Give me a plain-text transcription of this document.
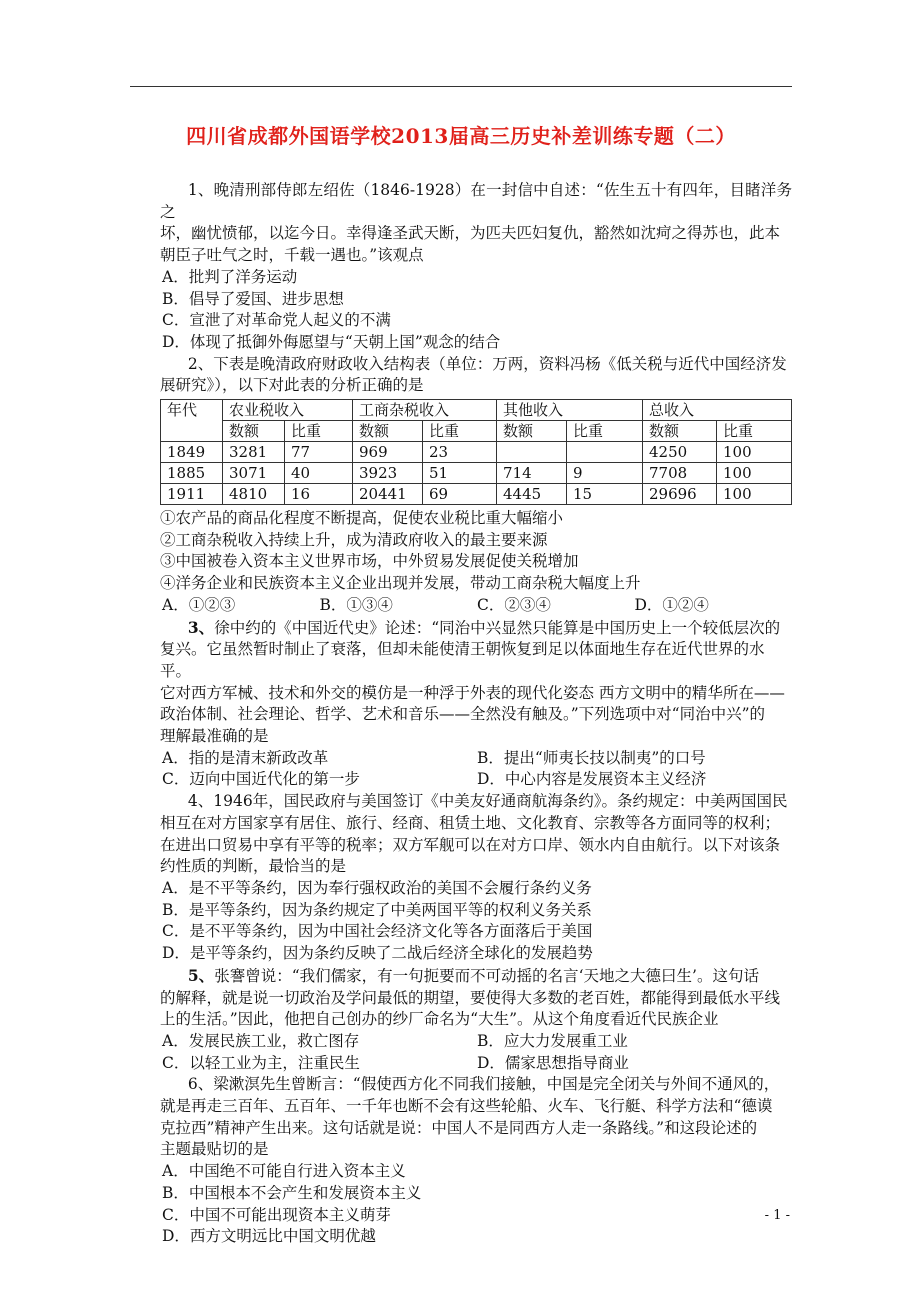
四川省成都外国语学校2013届高三历史补差训练专题（二）

1、晚清刑部侍郎左绍佐（1846-1928）在一封信中自述：“佐生五十有四年，目睹洋务之

坏，幽忧愤郁，以迄今日。幸得逢圣武天断，为匹夫匹妇复仇，豁然如沈疴之得苏也，此本

朝臣子吐气之时，千载一遇也。”该观点

A．批判了洋务运动

B．倡导了爱国、进步思想

C．宣泄了对革命党人起义的不满

D．体现了抵御外侮愿望与“天朝上国”观念的结合

2、下表是晚清政府财政收入结构表（单位：万两，资料冯杨《低关税与近代中国经济发

展研究》），以下对此表的分析正确的是

年代	农业税收入		工商杂税收入		其他收入		总收入	
	数额	比重	数额	比重	数额	比重	数额	比重
1849	3281	77	969	23			4250	100
1885	3071	40	3923	51	714	9	7708	100
1911	4810	16	20441	69	4445	15	29696	100

①农产品的商品化程度不断提高，促使农业税比重大幅缩小

②工商杂税收入持续上升，成为清政府收入的最主要来源

③中国被卷入资本主义世界市场，中外贸易发展促使关税增加

④洋务企业和民族资本主义企业出现并发展，带动工商杂税大幅度上升

A．①②③	B．①③④	C．②③④	D．①②④

3、徐中约的《中国近代史》论述：“同治中兴显然只能算是中国历史上一个较低层次的

复兴。它虽然暂时制止了衰落，但却未能使清王朝恢复到足以体面地生存在近代世界的水平。

它对西方军械、技术和外交的模仿是一种浮于外表的现代化姿态 西方文明中的精华所在——

政治体制、社会理论、哲学、艺术和音乐——全然没有触及。”下列选项中对“同治中兴”的

理解最准确的是

A．指的是清末新政改革	B．提出“师夷长技以制夷”的口号

C．迈向中国近代化的第一步	D．中心内容是发展资本主义经济

4、1946年，国民政府与美国签订《中美友好通商航海条约》。条约规定：中美两国国民

相互在对方国家享有居住、旅行、经商、租赁土地、文化教育、宗教等各方面同等的权利；

在进出口贸易中享有平等的税率；双方军舰可以在对方口岸、领水内自由航行。以下对该条

约性质的判断，最恰当的是

A．是不平等条约，因为奉行强权政治的美国不会履行条约义务

B．是平等条约，因为条约规定了中美两国平等的权利义务关系

C．是不平等条约，因为中国社会经济文化等各方面落后于美国

D．是平等条约，因为条约反映了二战后经济全球化的发展趋势

5、张謇曾说：“我们儒家，有一句扼要而不可动摇的名言‘天地之大德曰生’。这句话

的解释，就是说一切政治及学问最低的期望，要使得大多数的老百姓，都能得到最低水平线

上的生活。”因此，他把自己创办的纱厂命名为“大生”。从这个角度看近代民族企业

A．发展民族工业，救亡图存	B．应大力发展重工业

C．以轻工业为主，注重民生	D．儒家思想指导商业

6、梁漱溟先生曾断言：“假使西方化不同我们接触，中国是完全闭关与外间不通风的，

就是再走三百年、五百年、一千年也断不会有这些轮船、火车、飞行艇、科学方法和“德谟

克拉西”精神产生出来。这句话就是说：中国人不是同西方人走一条路线。”和这段论述的

主题最贴切的是

A．中国绝不可能自行进入资本主义

B．中国根本不会产生和发展资本主义

C．中国不可能出现资本主义萌芽

D．西方文明远比中国文明优越

- 1 -
